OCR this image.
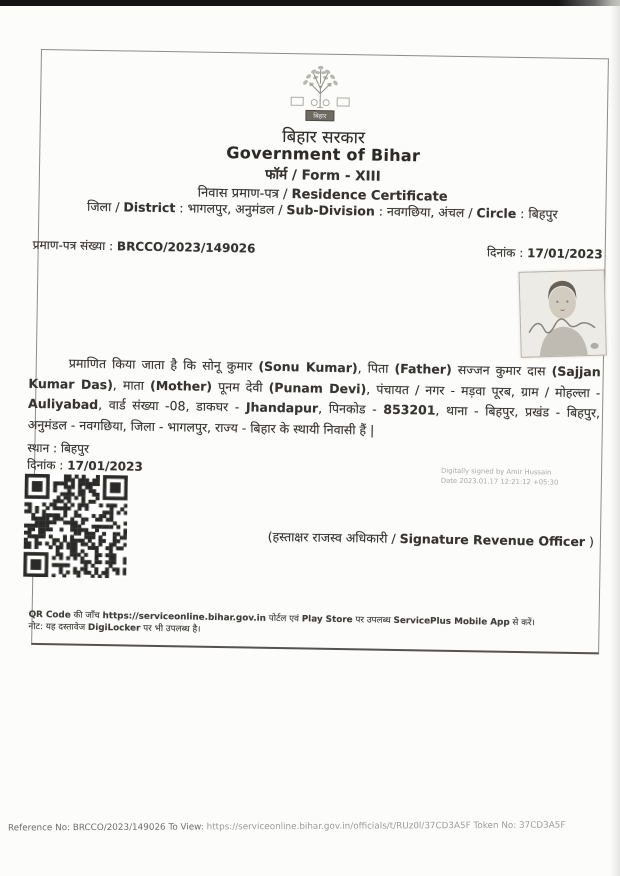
बिहार
बिहार सरकार
Government of Bihar
फॉर्म / Form - XIII
निवास प्रमाण-पत्र / Residence Certificate
जिला / District : भागलपुर, अनुमंडल / Sub-Division : नवगछिया, अंचल / Circle : बिहपुर
प्रमाण-पत्र संख्या : BRCCO/2023/149026	दिनांक : 17/01/2023
प्रमाणित किया जाता है कि सोनू कुमार (Sonu Kumar), पिता (Father) सज्जन कुमार दास (Sajjan Kumar Das), माता (Mother) पूनम देवी (Punam Devi), पंचायत / नगर - मड़वा पूरब, ग्राम / मोहल्ला - Auliyabad, वार्ड संख्या -08, डाकघर - Jhandapur, पिनकोड - 853201, थाना - बिहपुर, प्रखंड - बिहपुर, अनुमंडल - नवगछिया, जिला - भागलपुर, राज्य - बिहार के स्थायी निवासी हैं |
स्थान : बिहपुर
दिनांक : 17/01/2023	Digitally signed by Amir Hussain
Date 2023.01.17 12:21:12 +05:30
(हस्ताक्षर राजस्व अधिकारी / Signature Revenue Officer )
QR Code की जाँच https://serviceonline.bihar.gov.in पोर्टल एवं Play Store पर उपलब्ध ServicePlus Mobile App से करें।
नोट: यह दस्तावेज DigiLocker पर भी उपलब्ध है।
Reference No: BRCCO/2023/149026 To View: https://serviceonline.bihar.gov.in/officials/t/RUz0l/37CD3A5F Token No: 37CD3A5F
